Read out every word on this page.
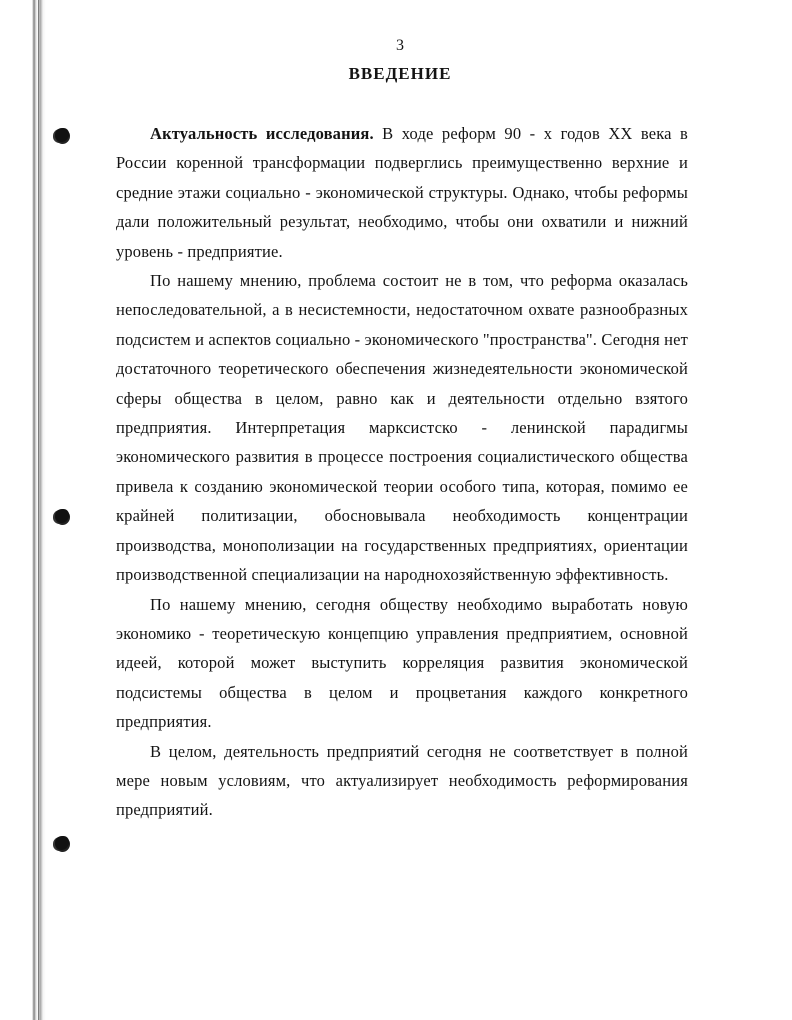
3
ВВЕДЕНИЕ

Актуальность исследования. В ходе реформ 90 - х годов XX века в России коренной трансформации подверглись преимущественно верхние и средние этажи социально - экономической структуры. Однако, чтобы реформы дали положительный результат, необходимо, чтобы они охватили и нижний уровень - предприятие.

По нашему мнению, проблема состоит не в том, что реформа оказалась непоследовательной, а в несистемности, недостаточном охвате разнообразных подсистем и аспектов социально - экономического "пространства". Сегодня нет достаточного теоретического обеспечения жизнедеятельности экономической сферы общества в целом, равно как и деятельности отдельно взятого предприятия. Интерпретация марксистско - ленинской парадигмы экономического развития в процессе построения социалистического общества привела к созданию экономической теории особого типа, которая, помимо ее крайней политизации, обосновывала необходимость концентрации производства, монополизации на государственных предприятиях, ориентации производственной специализации на народнохозяйственную эффективность.

По нашему мнению, сегодня обществу необходимо выработать новую экономико - теоретическую концепцию управления предприятием, основной идеей, которой может выступить корреляция развития экономической подсистемы общества в целом и процветания каждого конкретного предприятия.

В целом, деятельность предприятий сегодня не соответствует в полной мере новым условиям, что актуализирует необходимость реформирования предприятий.
